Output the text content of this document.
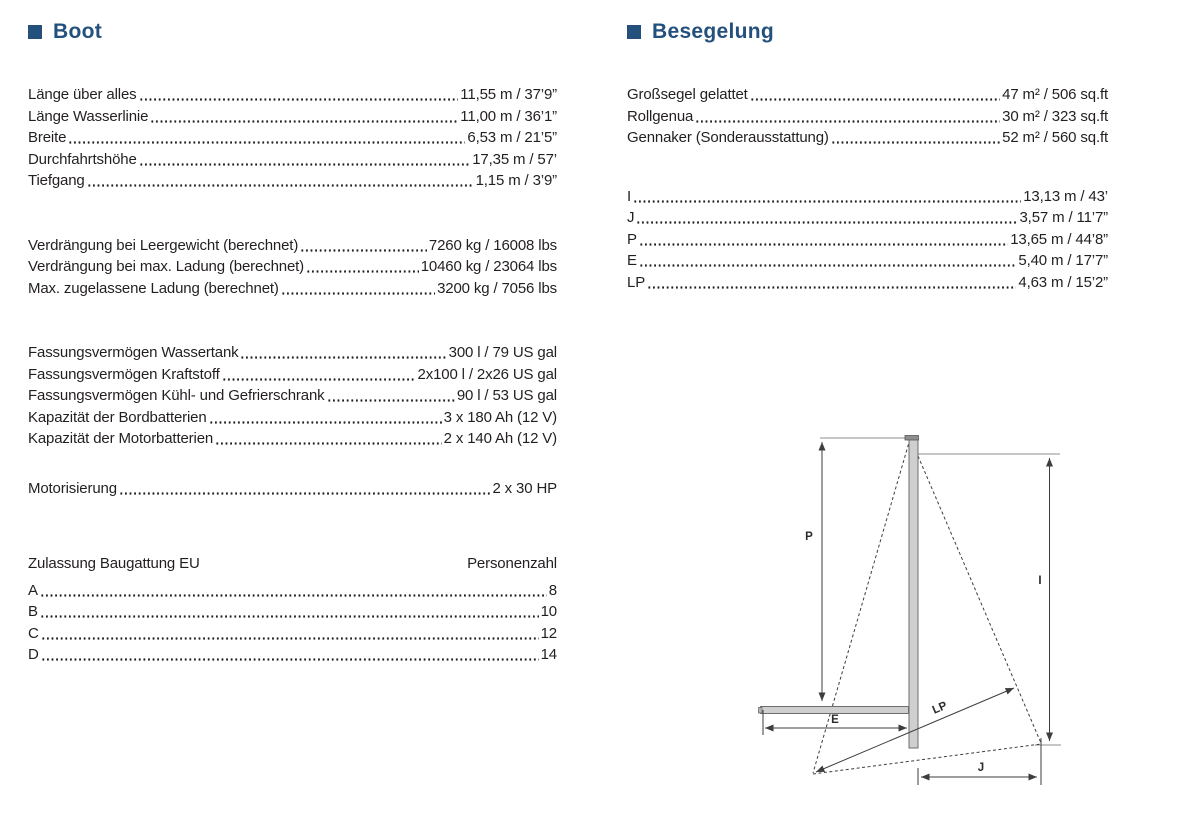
Boot
Länge über alles	11,55 m / 37’9”
Länge Wasserlinie	11,00 m / 36’1”
Breite	6,53 m / 21’5”
Durchfahrtshöhe	17,35 m / 57’
Tiefgang	1,15 m / 3’9”
Verdrängung bei Leergewicht (berechnet)	7260 kg / 16008 lbs
Verdrängung bei max. Ladung (berechnet)	10460 kg / 23064 lbs
Max. zugelassene Ladung (berechnet)	3200 kg / 7056 lbs
Fassungsvermögen Wassertank	300 l / 79 US gal
Fassungsvermögen Kraftstoff	2x100 l / 2x26 US gal
Fassungsvermögen Kühl- und Gefrierschrank	90 l / 53 US gal
Kapazität der Bordbatterien	3 x 180 Ah (12 V)
Kapazität der Motorbatterien	2 x 140 Ah (12 V)
Motorisierung	2 x 30 HP
Zulassung Baugattung EU	Personenzahl
A	8
B	10
C	12
D	14
Besegelung
Großsegel gelattet	47 m² / 506 sq.ft
Rollgenua	30 m² / 323 sq.ft
Gennaker (Sonderausstattung)	52 m² / 560 sq.ft
I	13,13 m / 43’
J	3,57 m / 11’7”
P	13,65 m / 44’8”
E	5,40 m / 17’7”
LP	4,63 m / 15’2”
P
I
E
J
LP
